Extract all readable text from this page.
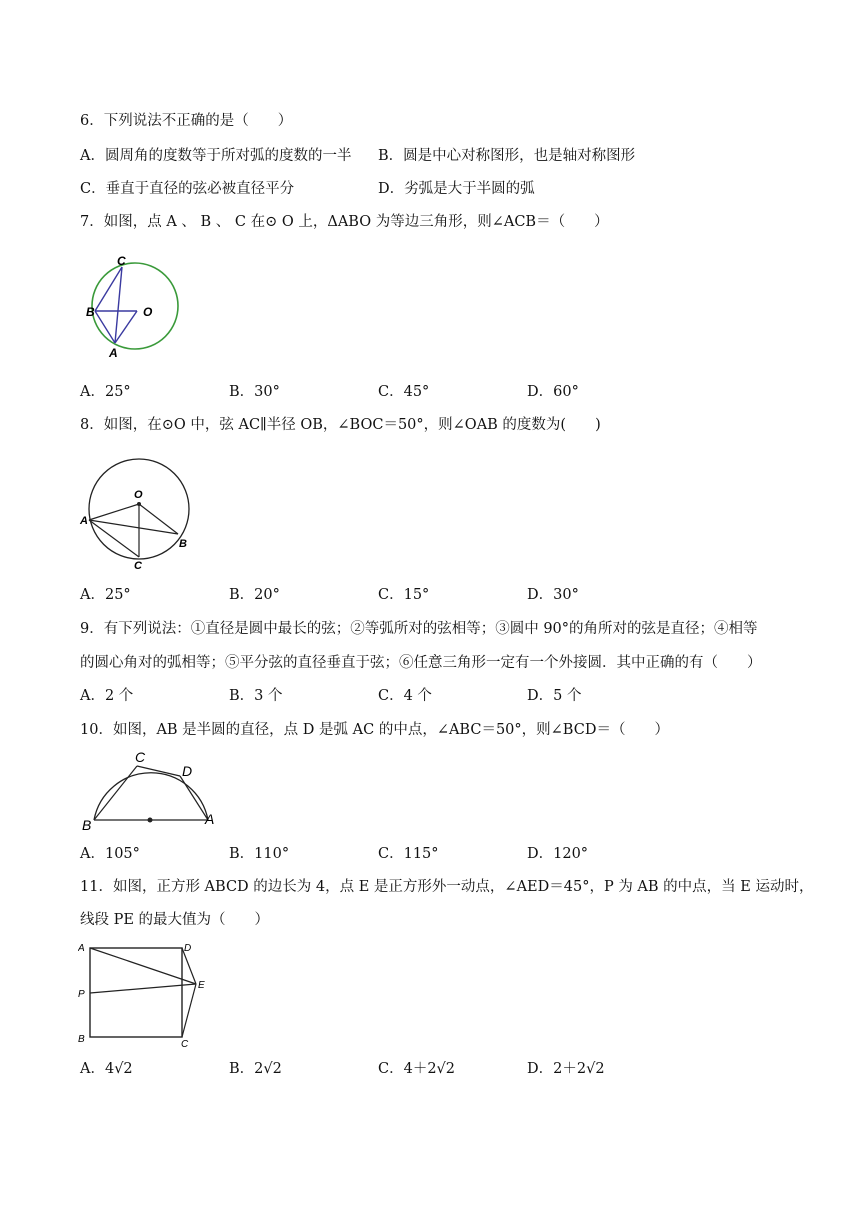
6．下列说法不正确的是（　　）
A．圆周角的度数等于所对弧的度数的一半 B．圆是中心对称图形，也是轴对称图形
C．垂直于直径的弦必被直径平分	D．劣弧是大于半圆的弧
7．如图，点 A 、 B 、 C 在⊙ O 上，ΔABO 为等边三角形，则∠ACB＝（　　）
C
B	O
A
A．25°	B．30°	C．45°	D．60°
8．如图，在⊙O 中，弦 AC∥半径 OB，∠BOC＝50°，则∠OAB 的度数为(　　)
O
A
B
C
A．25°	B．20°	C．15°	D．30°
9．有下列说法：①直径是圆中最长的弦；②等弧所对的弦相等；③圆中 90°的角所对的弦是直径；④相等
的圆心角对的弧相等；⑤平分弦的直径垂直于弦；⑥任意三角形一定有一个外接圆．其中正确的有（　　）
A．2 个	B．3 个	C．4 个	D．5 个
10．如图，AB 是半圆的直径，点 D 是弧 AC 的中点，∠ABC＝50°，则∠BCD＝（　　）
C
D
B	A
A．105°	B．110°	C．115°	D．120°
11．如图，正方形 ABCD 的边长为 4，点 E 是正方形外一动点，∠AED＝45°，P 为 AB 的中点，当 E 运动时，
线段 PE 的最大值为（　　）
A	D
P
E
B	C
A．4√2	B．2√2	C．4＋2√2	D．2＋2√2
